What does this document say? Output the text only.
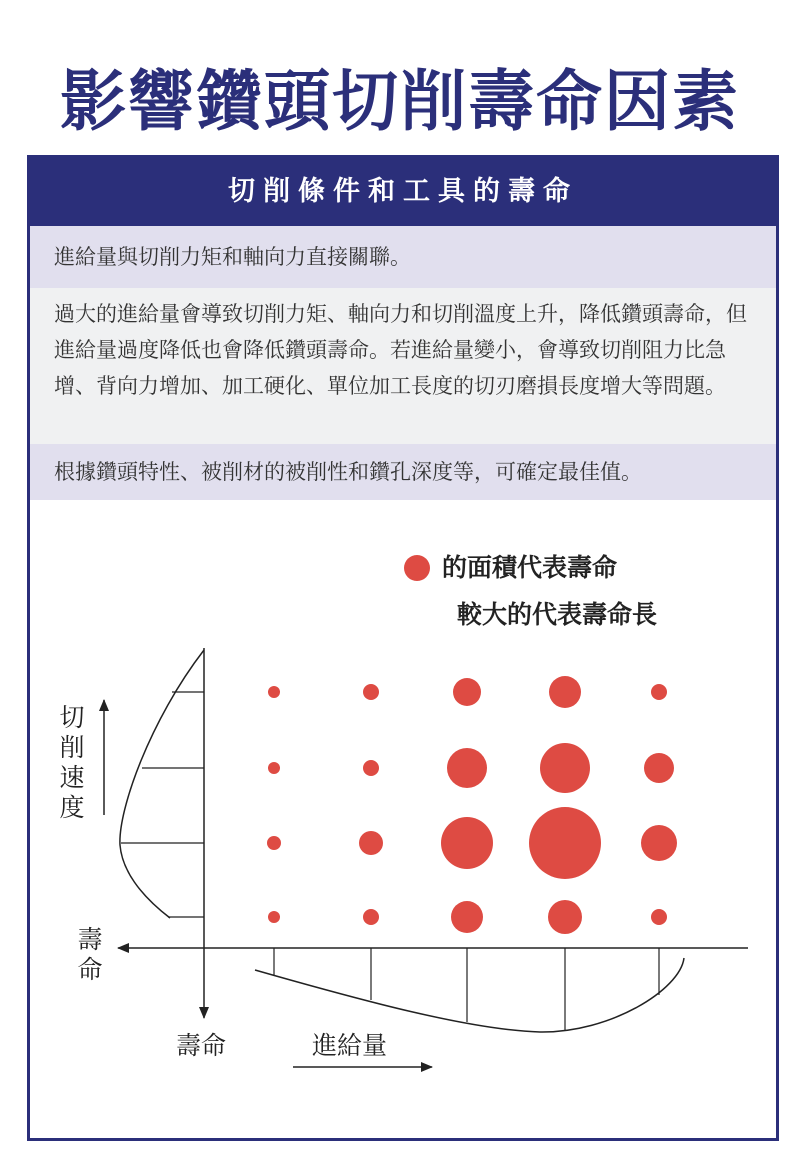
影響鑽頭切削壽命因素
切削條件和工具的壽命
進給量與切削力矩和軸向力直接關聯。
過大的進給量會導致切削力矩、軸向力和切削溫度上升，降低鑽頭壽命，但進給量過度降低也會降低鑽頭壽命。若進給量變小，會導致切削阻力比急增、背向力增加、加工硬化、單位加工長度的切刃磨損長度增大等問題。
根據鑽頭特性、被削材的被削性和鑽孔深度等，可確定最佳值。
的面積代表壽命
較大的代表壽命長
切削速度
壽命
壽命	進給量
